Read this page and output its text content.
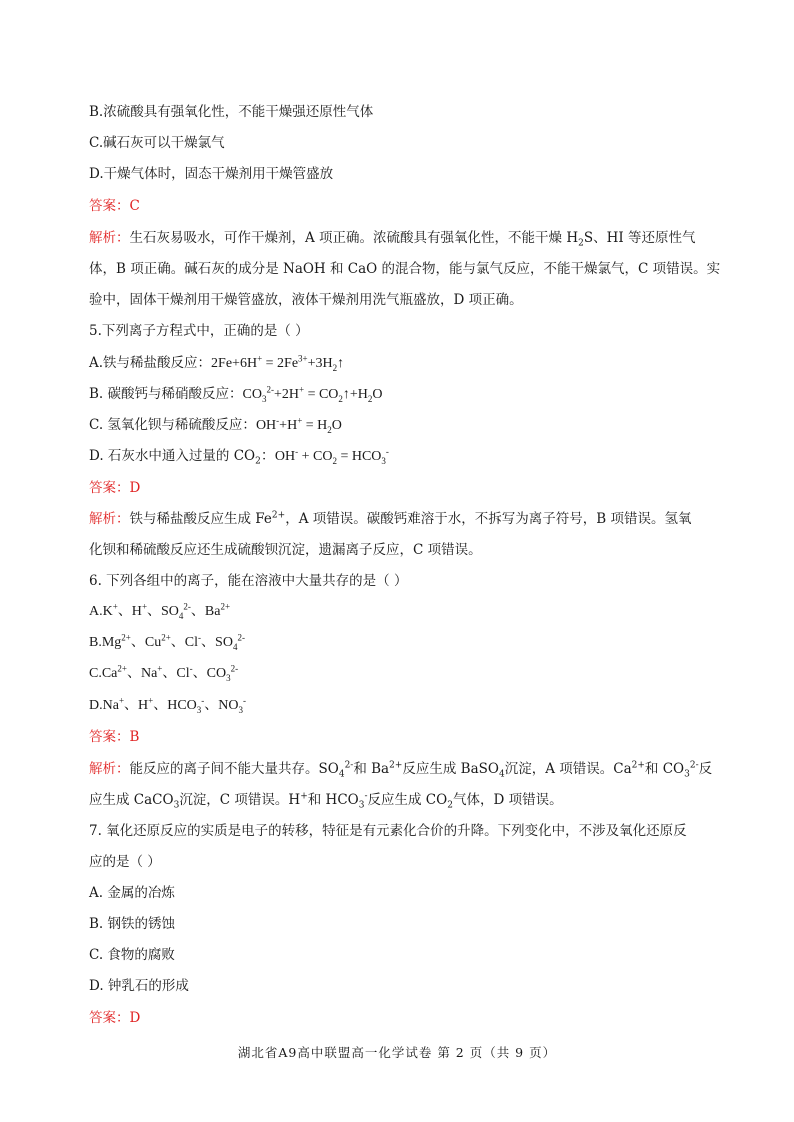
B.浓硫酸具有强氧化性，不能干燥强还原性气体
C.碱石灰可以干燥氯气
D.干燥气体时，固态干燥剂用干燥管盛放
答案：C
解析：生石灰易吸水，可作干燥剂，A 项正确。浓硫酸具有强氧化性，不能干燥 $H_2S$、HI 等还原性气
体，B 项正确。碱石灰的成分是 NaOH 和 CaO 的混合物，能与氯气反应，不能干燥氯气，C 项错误。实
验中，固体干燥剂用干燥管盛放，液体干燥剂用洗气瓶盛放，D 项正确。
5.下列离子方程式中，正确的是（ ）
A.铁与稀盐酸反应：$2Fe+6H^+ = 2Fe^{3+}+3H_2↑$
B. 碳酸钙与稀硝酸反应：$CO_3^{2-}+2H^+$ = $CO_2↑+H_2O$
C. 氢氧化钡与稀硫酸反应：$OH^-+H^+ = H_2O$
D. 石灰水中通入过量的 $CO_2$：$OH^- + CO_2 = HCO_3^-$
答案：D
解析：铁与稀盐酸反应生成 $Fe^{2+}$，A 项错误。碳酸钙难溶于水，不拆写为离子符号，B 项错误。氢氧
化钡和稀硫酸反应还生成硫酸钡沉淀，遗漏离子反应，C 项错误。
6. 下列各组中的离子，能在溶液中大量共存的是（ ）
A.K+、H+、$SO_4^{2-}$、$Ba^{2+}$
$B.Mg^{2+}$、$Cu^{2+}$、Cl-、$SO_4^{2-}$
$C.Ca^{2+}$、Na+、Cl-、$CO_3^{2-}$
D.Na+、H+、$HCO_3^-$、$NO_3^-$
答案：B
解析：能反应的离子间不能大量共存。$SO_4^{2-}$和 $Ba^{2+}$反应生成 BaSO$_4$沉淀，A 项错误。$Ca^{2+}$和 $CO_3^{2-}$反
应生成 CaCO$_3$沉淀，C 项错误。H+和 $HCO_3^-$反应生成 $CO_2$气体，D 项错误。
7. 氧化还原反应的实质是电子的转移，特征是有元素化合价的升降。下列变化中，不涉及氧化还原反
应的是（ ）
A. 金属的冶炼
B. 钢铁的锈蚀
C. 食物的腐败
D. 钟乳石的形成
答案：D
湖北省A9高中联盟高一化学试卷 第 2 页（共 9 页）
